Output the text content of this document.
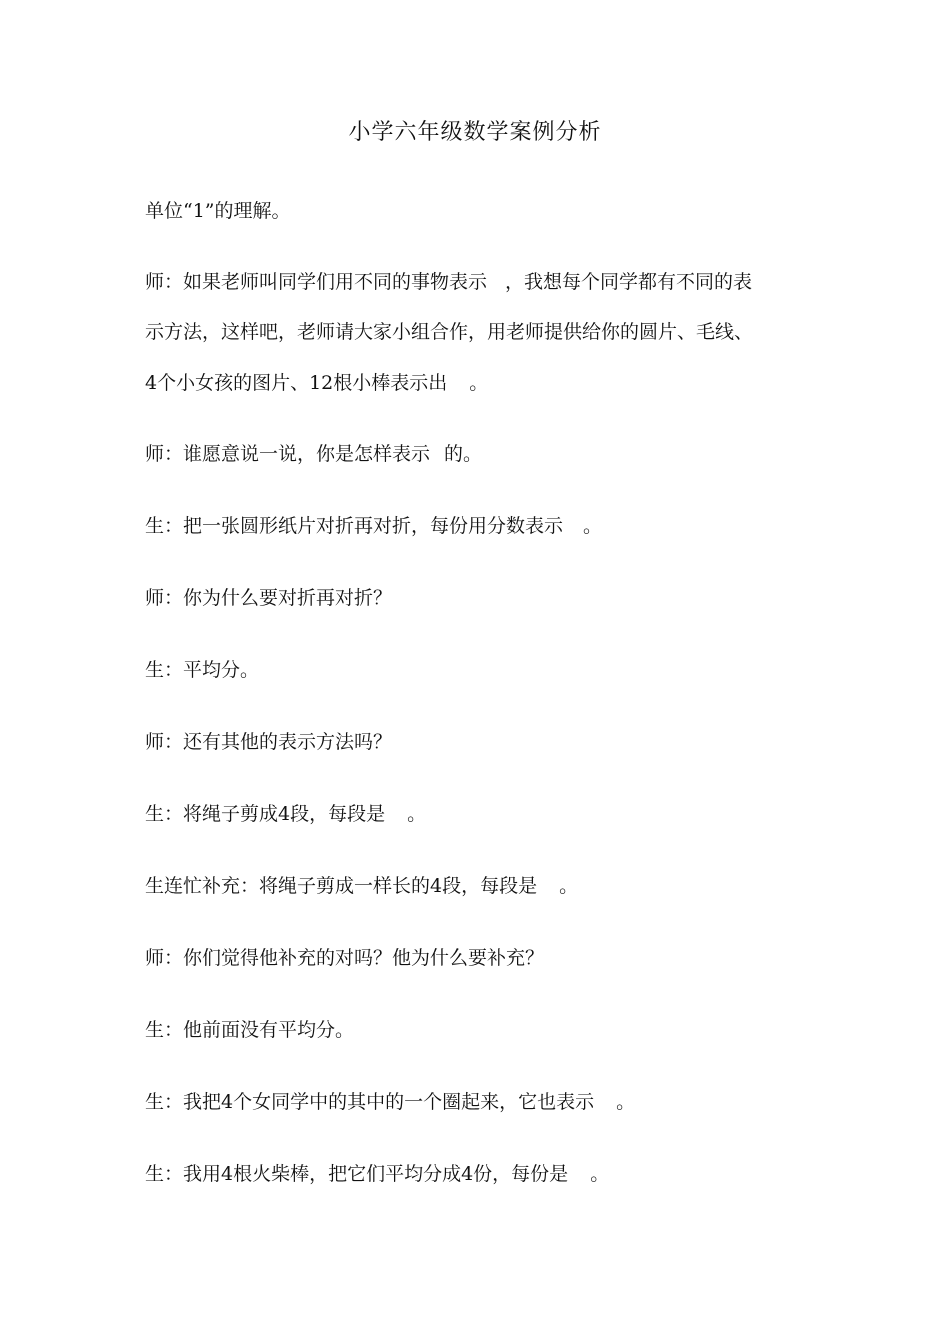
小学六年级数学案例分析
单位“1”的理解。
师：如果老师叫同学们用不同的事物表示 ，我想每个同学都有不同的表
示方法，这样吧，老师请大家小组合作，用老师提供给你的圆片、毛线、
4个小女孩的图片、12根小棒表示出 。
师：谁愿意说一说，你是怎样表示 的。
生：把一张圆形纸片对折再对折，每份用分数表示 。
师：你为什么要对折再对折？
生：平均分。
师：还有其他的表示方法吗？
生：将绳子剪成4段，每段是 。
生连忙补充：将绳子剪成一样长的4段，每段是 。
师：你们觉得他补充的对吗？他为什么要补充？
生：他前面没有平均分。
生：我把4个女同学中的其中的一个圈起来，它也表示 。
生：我用4根火柴棒，把它们平均分成4份，每份是 。
